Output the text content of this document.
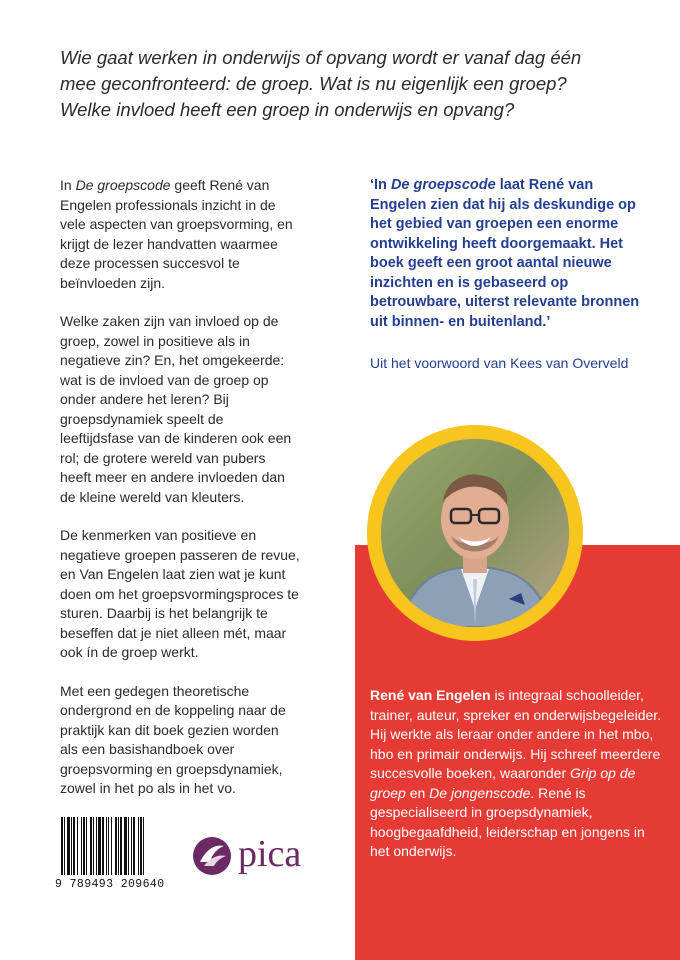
Wie gaat werken in onderwijs of opvang wordt er vanaf dag één

mee geconfronteerd: de groep. Wat is nu eigenlijk een groep?

Welke invloed heeft een groep in onderwijs en opvang?

In De groepscode geeft René van Engelen professionals inzicht in de vele aspecten van groepsvorming, en krijgt de lezer handvatten waarmee deze processen succesvol te beïnvloeden zijn.

Welke zaken zijn van invloed op de groep, zowel in positieve als in negatieve zin? En, het omgekeerde: wat is de invloed van de groep op onder andere het leren? Bij groepsdynamiek speelt de leeftijdsfase van de kinderen ook een rol; de grotere wereld van pubers heeft meer en andere invloeden dan de kleine wereld van kleuters.

De kenmerken van positieve en negatieve groepen passeren de revue, en Van Engelen laat zien wat je kunt doen om het groepsvormingsproces te sturen. Daarbij is het belangrijk te beseffen dat je niet alleen mét, maar ook ín de groep werkt.

Met een gedegen theoretische ondergrond en de koppeling naar de praktijk kan dit boek gezien worden als een basishandboek over groepsvorming en groepsdynamiek, zowel in het po als in het vo.

‘In De groepscode laat René van Engelen zien dat hij als deskundige op het gebied van groepen een enorme ontwikkeling heeft doorgemaakt. Het boek geeft een groot aantal nieuwe inzichten en is gebaseerd op betrouwbare, uiterst relevante bronnen uit binnen- en buitenland.’
Uit het voorwoord van Kees van Overveld
René van Engelen is integraal schoolleider, trainer, auteur, spreker en onderwijsbegeleider. Hij werkte als leraar onder andere in het mbo, hbo en primair onderwijs. Hij schreef meerdere succesvolle boeken, waaronder Grip op de groep en De jongenscode. René is gespecialiseerd in groepsdynamiek, hoogbegaafdheid, leiderschap en jongens in het onderwijs.
9 789493 209640
pica
